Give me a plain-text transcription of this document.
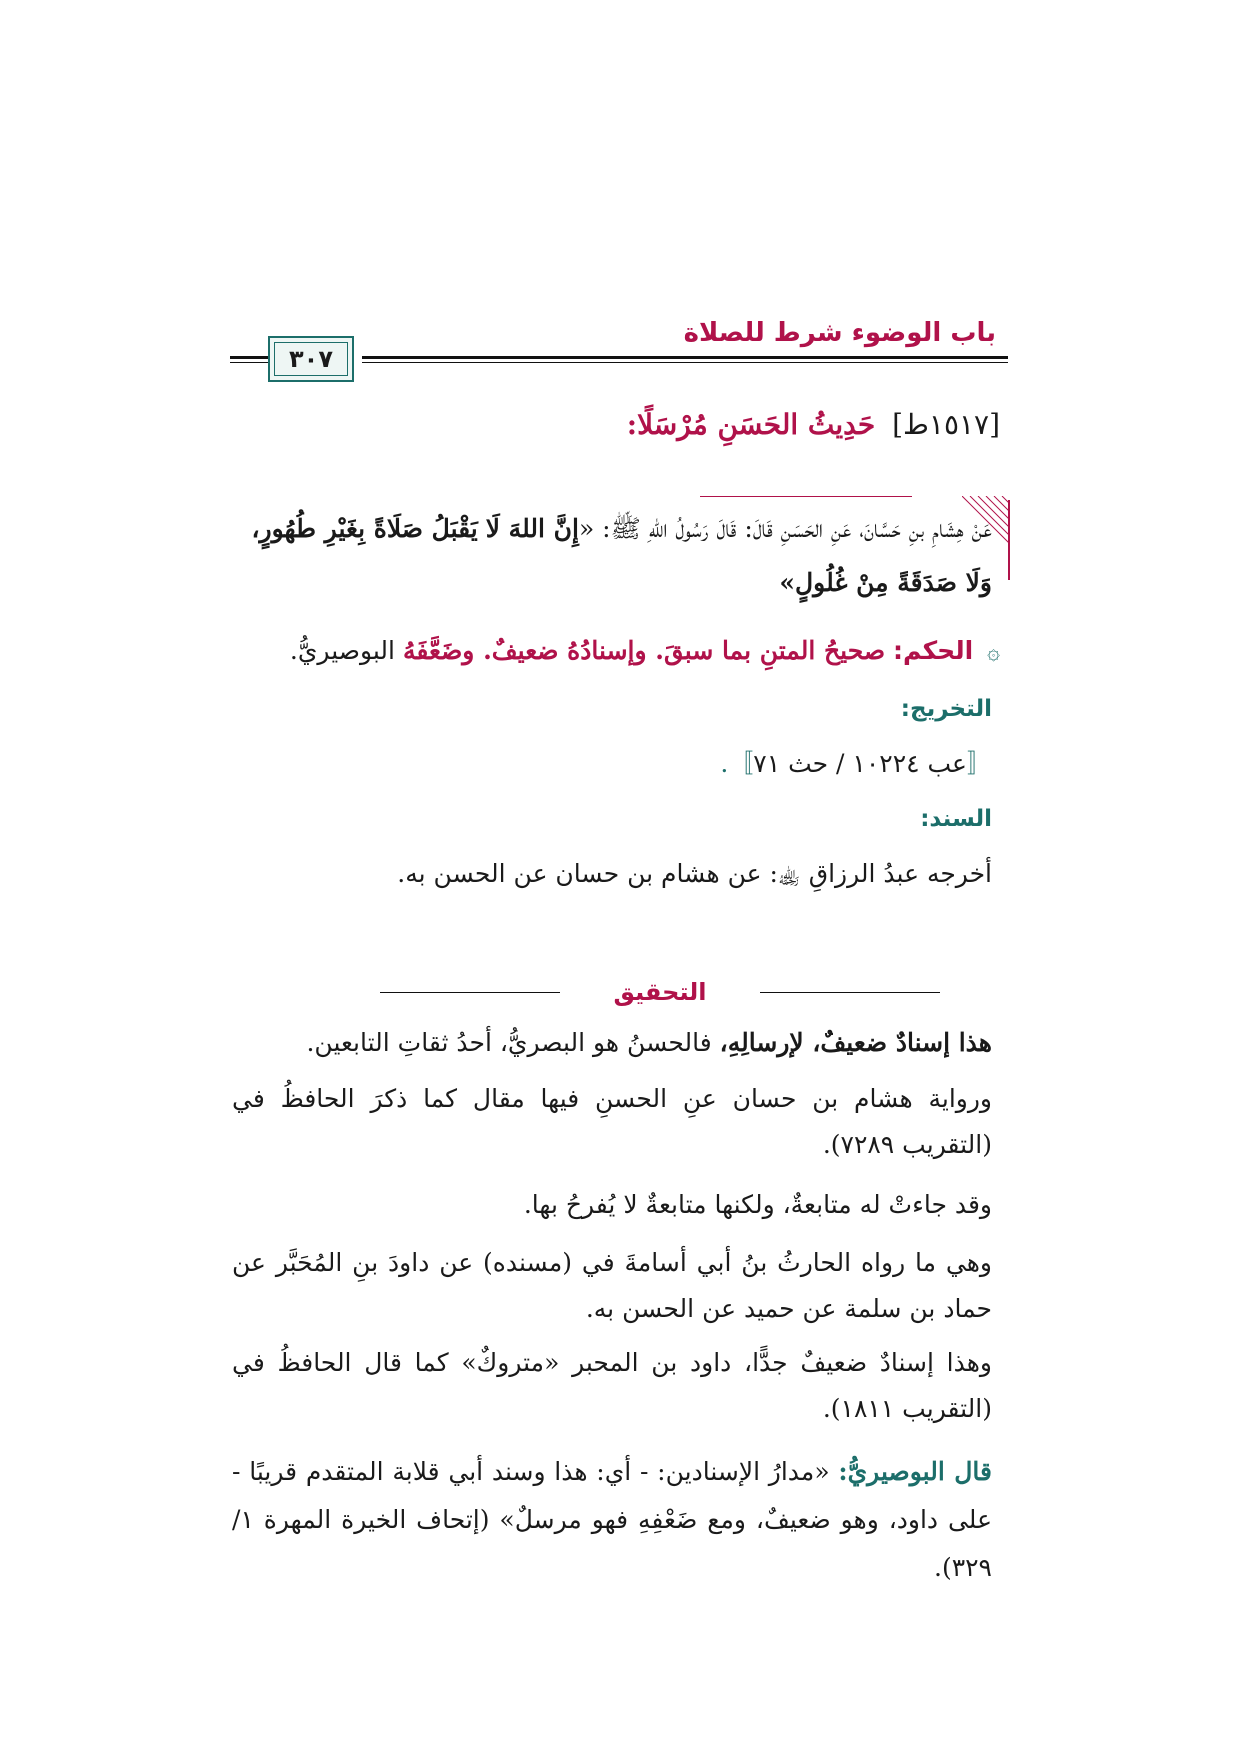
باب الوضوء شرط للصلاة
٣٠٧
[١٥١٧ط] حَدِيثُ الحَسَنِ مُرْسَلًا:
عَنْ هِشَامِ بنِ حَسَّانَ، عَنِ الحَسَنِ قَالَ: قَالَ رَسُولُ اللهِ ﷺ: «إِنَّ اللهَ لَا يَقْبَلُ صَلَاةً بِغَيْرِ طُهُورٍ، وَلَا صَدَقَةً مِنْ غُلُولٍ»
۞ الحكم: صحيحُ المتنِ بما سبقَ. وإسنادُهُ ضعيفٌ. وضَعَّفَهُ البوصيريُّ.
التخريج:
〚عب ١٠٢٢٤ / حث ٧١〛.
السند:
أخرجه عبدُ الرزاقِ ﵀: عن هشام بن حسان عن الحسن به.
التحقيق
هذا إسنادٌ ضعيفٌ، لإرسالِهِ، فالحسنُ هو البصريُّ، أحدُ ثقاتِ التابعين.
ورواية هشام بن حسان عنِ الحسنِ فيها مقال كما ذكرَ الحافظُ في (التقريب ٧٢٨٩).
وقد جاءتْ له متابعةٌ، ولكنها متابعةٌ لا يُفرحُ بها.
وهي ما رواه الحارثُ بنُ أبي أسامةَ في (مسنده) عن داودَ بنِ المُحَبَّر عن حماد بن سلمة عن حميد عن الحسن به.
وهذا إسنادٌ ضعيفٌ جدًّا، داود بن المحبر «متروكٌ» كما قال الحافظُ في (التقريب ١٨١١).
قال البوصيريُّ: «مدارُ الإسنادين: - أي: هذا وسند أبي قلابة المتقدم قريبًا - على داود، وهو ضعيفٌ، ومع ضَعْفِهِ فهو مرسلٌ» (إتحاف الخيرة المهرة ١/ ٣٢٩).
